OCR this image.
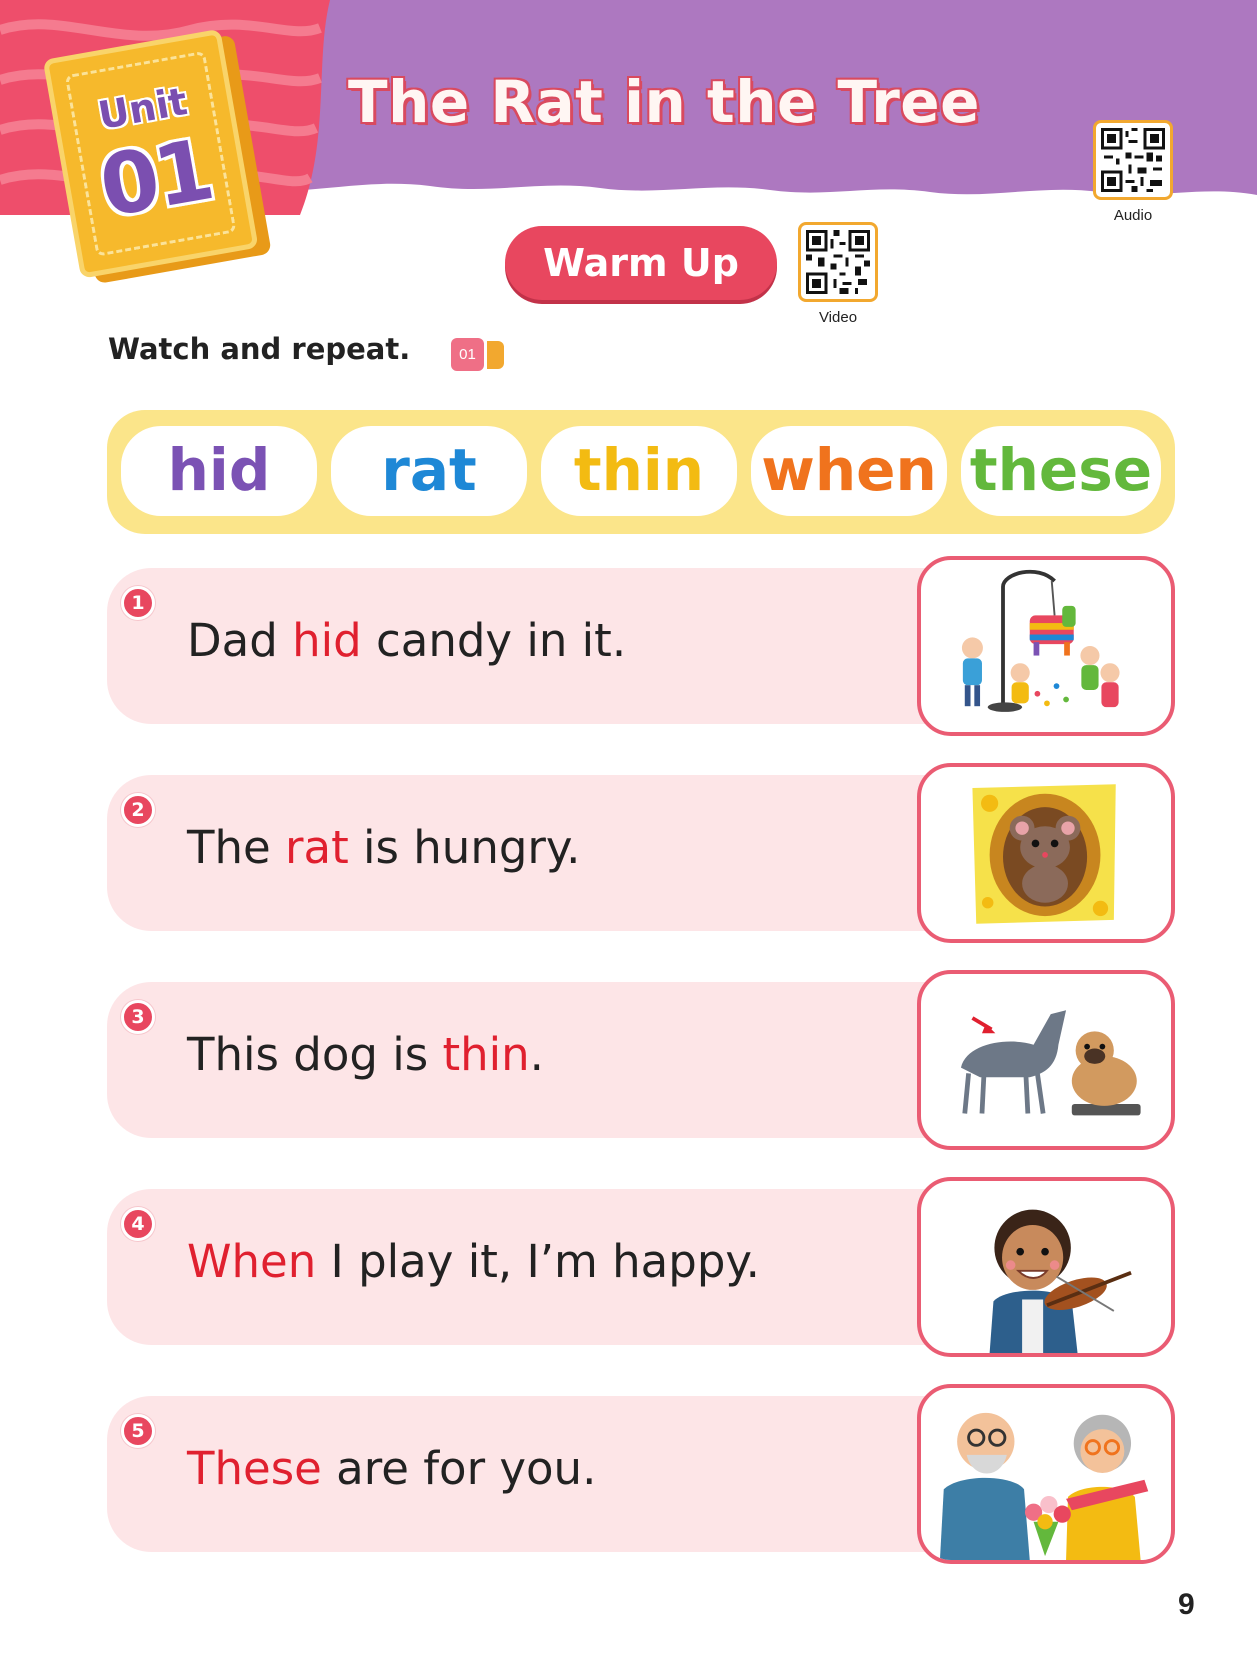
Unit
01
The Rat in the Tree
Audio
Warm Up
Video
Watch and repeat.	01
hid	rat	thin when these
1
Dad hid candy in it.
2
The rat is hungry.
3
This dog is thin.
4
When I play it, I’m happy.
5
These are for you.
9
